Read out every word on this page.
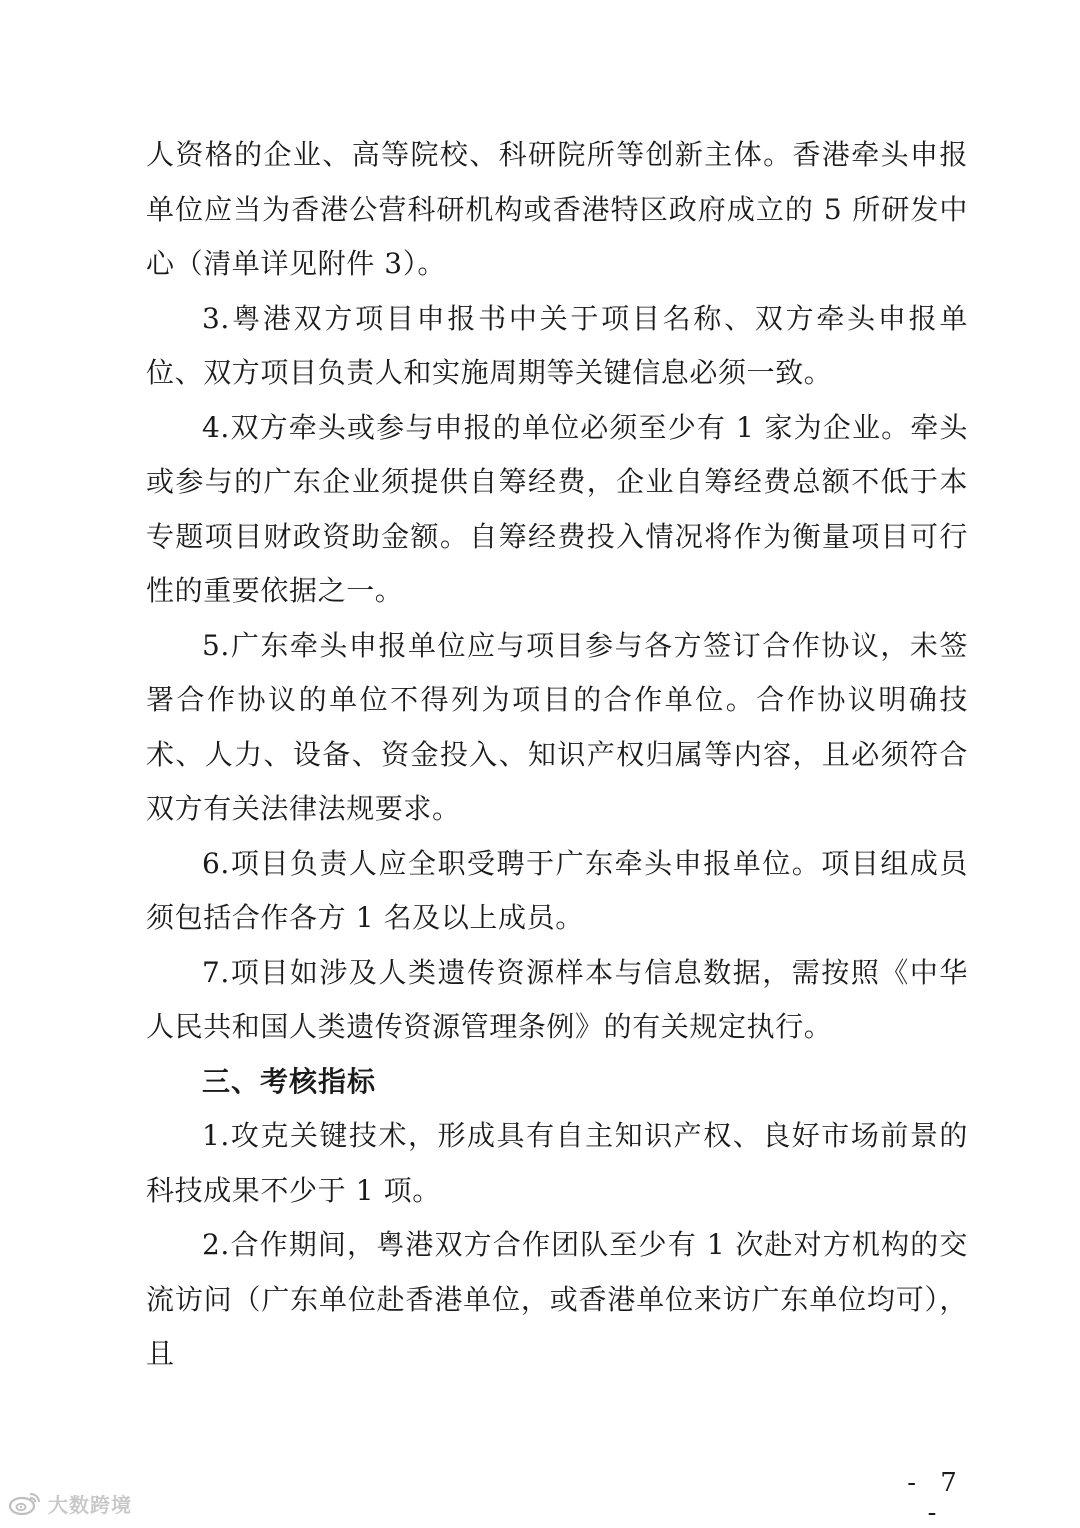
人资格的企业、高等院校、科研院所等创新主体。香港牵头申报单位应当为香港公营科研机构或香港特区政府成立的 5 所研发中心（清单详见附件 3）。

3.粤港双方项目申报书中关于项目名称、双方牵头申报单位、双方项目负责人和实施周期等关键信息必须一致。

4.双方牵头或参与申报的单位必须至少有 1 家为企业。牵头或参与的广东企业须提供自筹经费，企业自筹经费总额不低于本专题项目财政资助金额。自筹经费投入情况将作为衡量项目可行性的重要依据之一。

5.广东牵头申报单位应与项目参与各方签订合作协议，未签署合作协议的单位不得列为项目的合作单位。合作协议明确技术、人力、设备、资金投入、知识产权归属等内容，且必须符合双方有关法律法规要求。

6.项目负责人应全职受聘于广东牵头申报单位。项目组成员须包括合作各方 1 名及以上成员。

7.项目如涉及人类遗传资源样本与信息数据，需按照《中华人民共和国人类遗传资源管理条例》的有关规定执行。

三、考核指标

1.攻克关键技术，形成具有自主知识产权、良好市场前景的科技成果不少于 1 项。

2.合作期间，粤港双方合作团队至少有 1 次赴对方机构的交流访问（广东单位赴香港单位，或香港单位来访广东单位均可），且

- 7 -
大数跨境
